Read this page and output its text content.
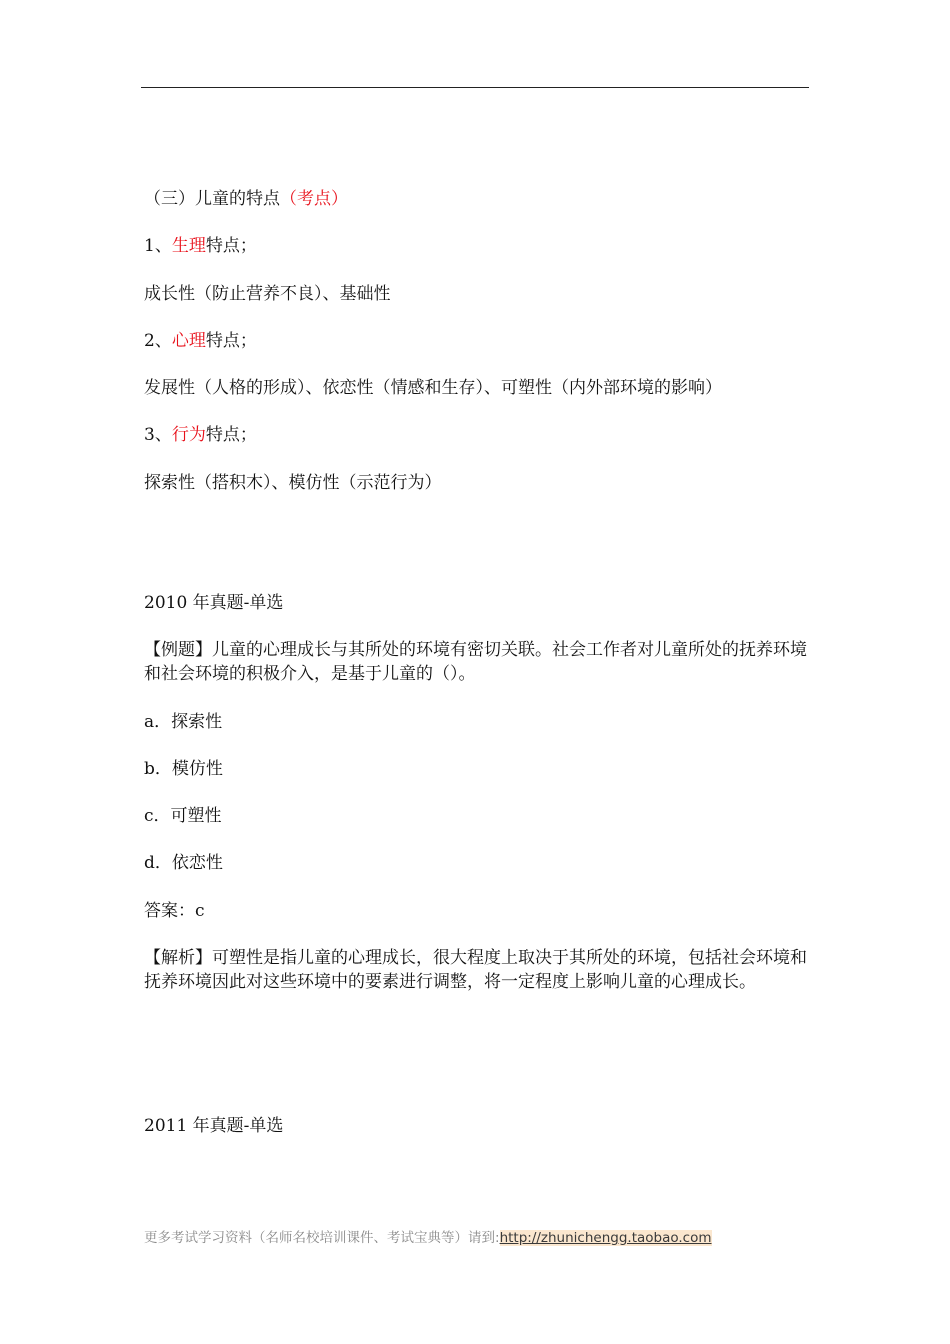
（三）儿童的特点（考点）
1、生理特点；
成长性（防止营养不良）、基础性
2、心理特点；
发展性（人格的形成）、依恋性（情感和生存）、可塑性（内外部环境的影响）
3、行为特点；
探索性（搭积木）、模仿性（示范行为）
2010 年真题-单选
【例题】儿童的心理成长与其所处的环境有密切关联。社会工作者对儿童所处的抚养环境和社会环境的积极介入，是基于儿童的（）。
a．探索性
b．模仿性
c．可塑性
d．依恋性
答案：c
【解析】可塑性是指儿童的心理成长，很大程度上取决于其所处的环境，包括社会环境和抚养环境因此对这些环境中的要素进行调整，将一定程度上影响儿童的心理成长。
2011 年真题-单选
更多考试学习资料（名师名校培训课件、考试宝典等）请到:http://zhunichengg.taobao.com
